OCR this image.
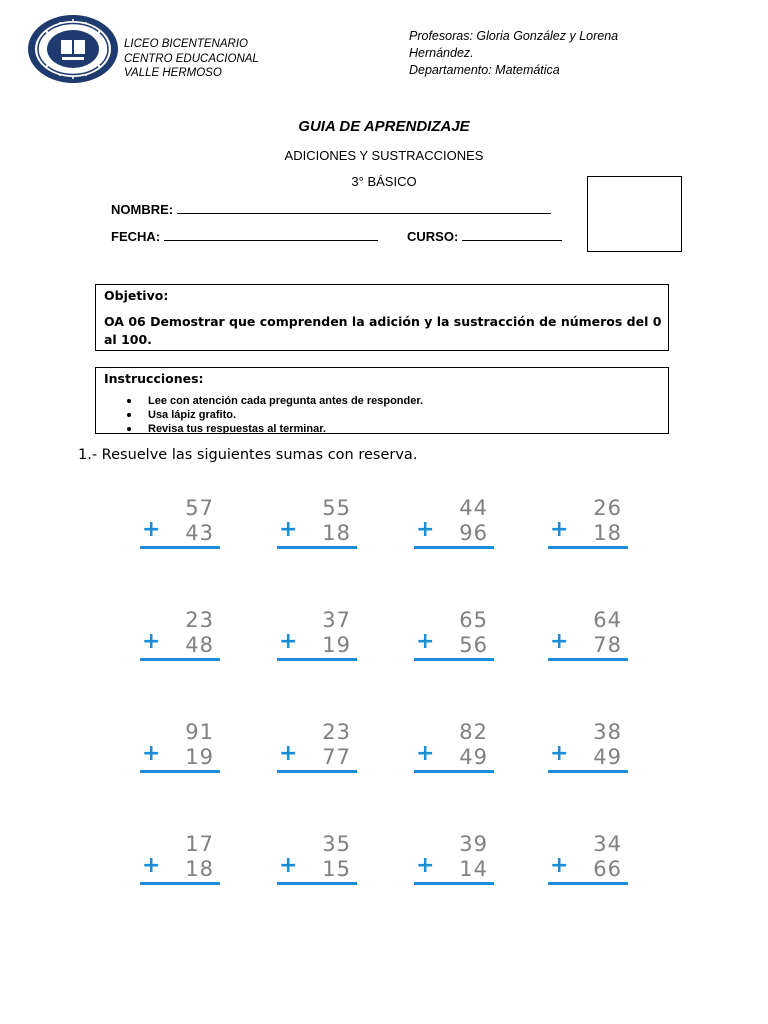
LICEO BICENTENARIO
CENTRO EDUCACIONAL
VALLE HERMOSO
Profesoras: Gloria González y Lorena
Hernández.
Departamento: Matemática
GUIA DE APRENDIZAJE
ADICIONES Y SUSTRACCIONES
3° BÁSICO
NOMBRE:
FECHA:	CURSO:
Objetivo:
OA 06 Demostrar que comprenden la adición y la sustracción de números del 0 al 100.
Instrucciones:
Lee con atención cada pregunta antes de responder.
Usa lápiz grafito.
Revisa tus respuestas al terminar.
1.- Resuelve las siguientes sumas con reserva.
57
+ 43
55
+ 18
44
+ 96
26
+ 18
23
+ 48
37
+ 19
65
+ 56
64
+ 78
91
+ 19
23
+ 77
82
+ 49
38
+ 49
17
+ 18
35
+ 15
39
+ 14
34
+ 66
